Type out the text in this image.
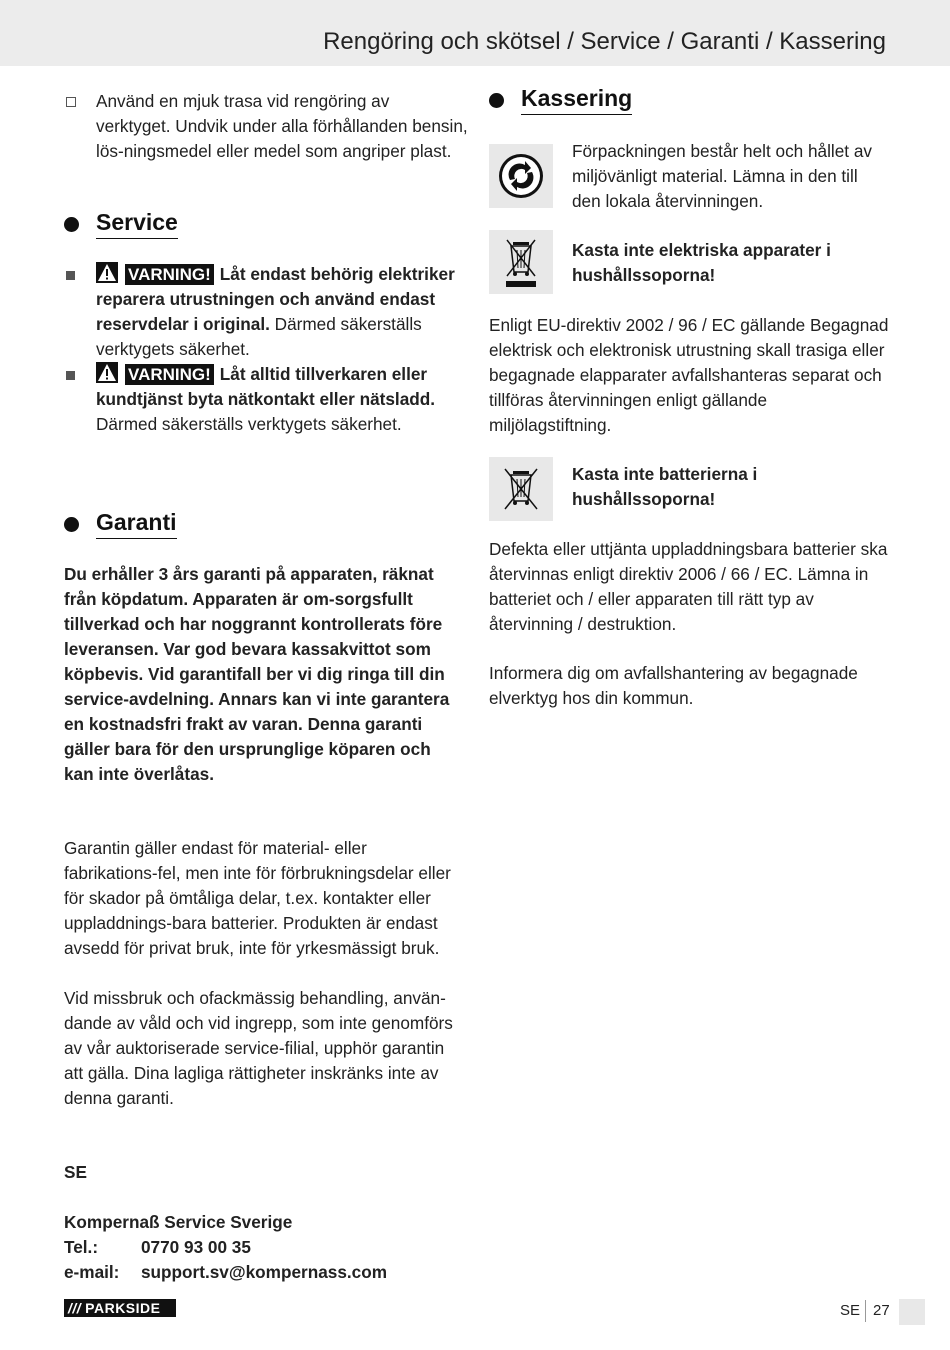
Rengöring och skötsel / Service / Garanti / Kassering

Använd en mjuk trasa vid rengöring av verktyget. Undvik under alla förhållanden bensin, lös-ningsmedel eller medel som angriper plast.

Service

VARNING! Låt endast behörig elektriker reparera utrustningen och använd endast reservdelar i original. Därmed säkerställs verktygets säkerhet.

VARNING! Låt alltid tillverkaren eller kundtjänst byta nätkontakt eller nätsladd. Därmed säkerställs verktygets säkerhet.

Garanti

Du erhåller 3 års garanti på apparaten, räknat från köpdatum. Apparaten är om-sorgsfullt tillverkad och har noggrannt kontrollerats före leveransen. Var god bevara kassakvittot som köpbevis. Vid garantifall ber vi dig ringa till din service-avdelning. Annars kan vi inte garantera en kostnadsfri frakt av varan. Denna garanti gäller bara för den ursprunglige köparen och kan inte överlåtas.

Garantin gäller endast för material- eller fabrikations-fel, men inte för förbrukningsdelar eller för skador på ömtåliga delar, t.ex. kontakter eller uppladdnings-bara batterier. Produkten är endast avsedd för privat bruk, inte för yrkesmässigt bruk.

Vid missbruk och ofackmässig behandling, använ-dande av våld och vid ingrepp, som inte genomförs av vår auktoriserade service-filial, upphör garantin att gälla. Dina lagliga rättigheter inskränks inte av denna garanti.

SE

Kompernaß Service Sverige

Tel.:	0770 93 00 35
e-mail:	support.sv@kompernass.com
Kassering

Förpackningen består helt och hållet av miljövänligt material. Lämna in den till den lokala återvinningen.

Kasta inte elektriska apparater i hushållssoporna!

Enligt EU-direktiv 2002 / 96 / EC gällande Begagnad elektrisk och elektronisk utrustning skall trasiga eller begagnade elapparater avfallshanteras separat och tillföras återvinningen enligt gällande miljölagstiftning.

Kasta inte batterierna i hushållssoporna!

Defekta eller uttjänta uppladdningsbara batterier ska återvinnas enligt direktiv 2006 / 66 / EC. Lämna in batteriet och / eller apparaten till rätt typ av återvinning / destruktion.

Informera dig om avfallshantering av begagnade elverktyg hos din kommun.

/// PARKSIDE	SE 27
